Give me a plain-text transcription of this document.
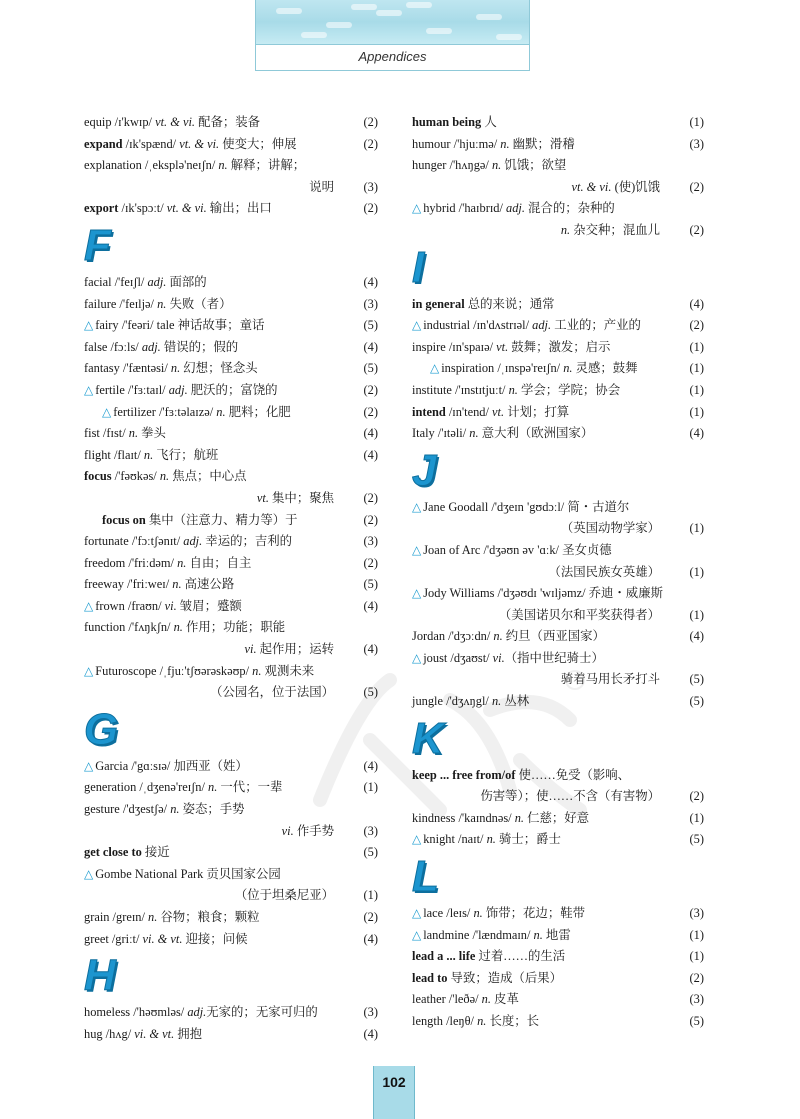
Appendices
equip /ɪ'kwɪp/ vt. & vi. 配备；装备	(2)
expand /ɪk'spænd/ vt. & vi. 使变大；伸展	(2)
explanation /ˌeksplə'neɪʃn/ n. 解释；讲解；
说明 (3)
export /ɪk'spɔːt/ vt. & vi. 输出；出口	(2)
F
facial /'feɪʃl/ adj. 面部的	(4)
failure /'feɪljə/ n. 失败（者）	(3)
△ fairy /'feəri/ tale 神话故事；童话	(5)
false /fɔːls/ adj. 错误的；假的	(4)
fantasy /'fæntəsi/ n. 幻想；怪念头	(5)
△ fertile /'fɜːtaɪl/ adj. 肥沃的；富饶的	(2)
△ fertilizer /'fɜːtəlaɪzə/ n. 肥料；化肥	(2)
fist /fɪst/ n. 拳头	(4)
flight /flaɪt/ n. 飞行；航班	(4)
focus /'fəʊkəs/ n. 焦点；中心点
vt. 集中；聚焦 (2)
focus on 集中（注意力、精力等）于	(2)
fortunate /'fɔːtʃənɪt/ adj. 幸运的；吉利的	(3)
freedom /'friːdəm/ n. 自由；自主	(2)
freeway /'friːweɪ/ n. 高速公路	(5)
△ frown /fraʊn/ vi. 皱眉；蹙额	(4)
function /'fʌŋkʃn/ n. 作用；功能；职能
vi. 起作用；运转 (4)
△ Futuroscope /ˌfjuː'tʃʊərəskəʊp/ n. 观测未来
（公园名，位于法国） (5)
G
△ Garcia /'gɑːsɪə/ 加西亚（姓）	(4)
generation /ˌdʒenə'reɪʃn/ n. 一代；一辈	(1)
gesture /'dʒestʃə/ n. 姿态；手势
vi. 作手势 (3)
get close to 接近	(5)
△ Gombe National Park 贡贝国家公园
（位于坦桑尼亚） (1)
grain /greɪn/ n. 谷物；粮食；颗粒	(2)
greet /griːt/ vi. & vt. 迎接；问候	(4)
H
homeless /'həʊmləs/ adj.无家的；无家可归的	(3)
hug /hʌg/ vi. & vt. 拥抱	(4)
human being 人	(1)
humour /'hjuːmə/ n. 幽默；滑稽	(3)
hunger /'hʌŋgə/ n. 饥饿；欲望
vt. & vi. (使)饥饿 (2)
△ hybrid /'haɪbrɪd/ adj. 混合的；杂种的
n. 杂交种；混血儿 (2)
I
in general 总的来说；通常	(4)
△ industrial /ɪn'dʌstrɪəl/ adj. 工业的；产业的	(2)
inspire /ɪn'spaɪə/ vt. 鼓舞；激发；启示	(1)
△ inspiration /ˌɪnspə'reɪʃn/ n. 灵感；鼓舞	(1)
institute /'ɪnstɪtjuːt/ n. 学会；学院；协会	(1)
intend /ɪn'tend/ vt. 计划；打算	(1)
Italy /'ɪtəli/ n. 意大利（欧洲国家）	(4)
J
△ Jane Goodall /'dʒeɪn 'gʊdɔːl/ 简・古道尔
（英国动物学家） (1)
△ Joan of Arc /'dʒəʊn əv 'ɑːk/ 圣女贞德
（法国民族女英雄） (1)
△ Jody Williams /'dʒəʊdɪ 'wɪljəmz/ 乔迪・威廉斯
（美国诺贝尔和平奖获得者） (1)
Jordan /'dʒɔːdn/ n. 约旦（西亚国家）	(4)
△ joust /dʒaʊst/ vi.（指中世纪骑士）
骑着马用长矛打斗 (5)
jungle /'dʒʌŋgl/ n. 丛林	(5)
K
keep ... free from/of 使……免受（影响、
伤害等）；使……不含（有害物） (2)
kindness /'kaɪndnəs/ n. 仁慈；好意	(1)
△ knight /naɪt/ n. 骑士；爵士	(5)
L
△ lace /leɪs/ n. 饰带；花边；鞋带	(3)
△ landmine /'lændmaɪn/ n. 地雷	(1)
lead a ... life 过着……的生活	(1)
lead to 导致；造成（后果）	(2)
leather /'leðə/ n. 皮革	(3)
length /leŋθ/ n. 长度；长	(5)
102
